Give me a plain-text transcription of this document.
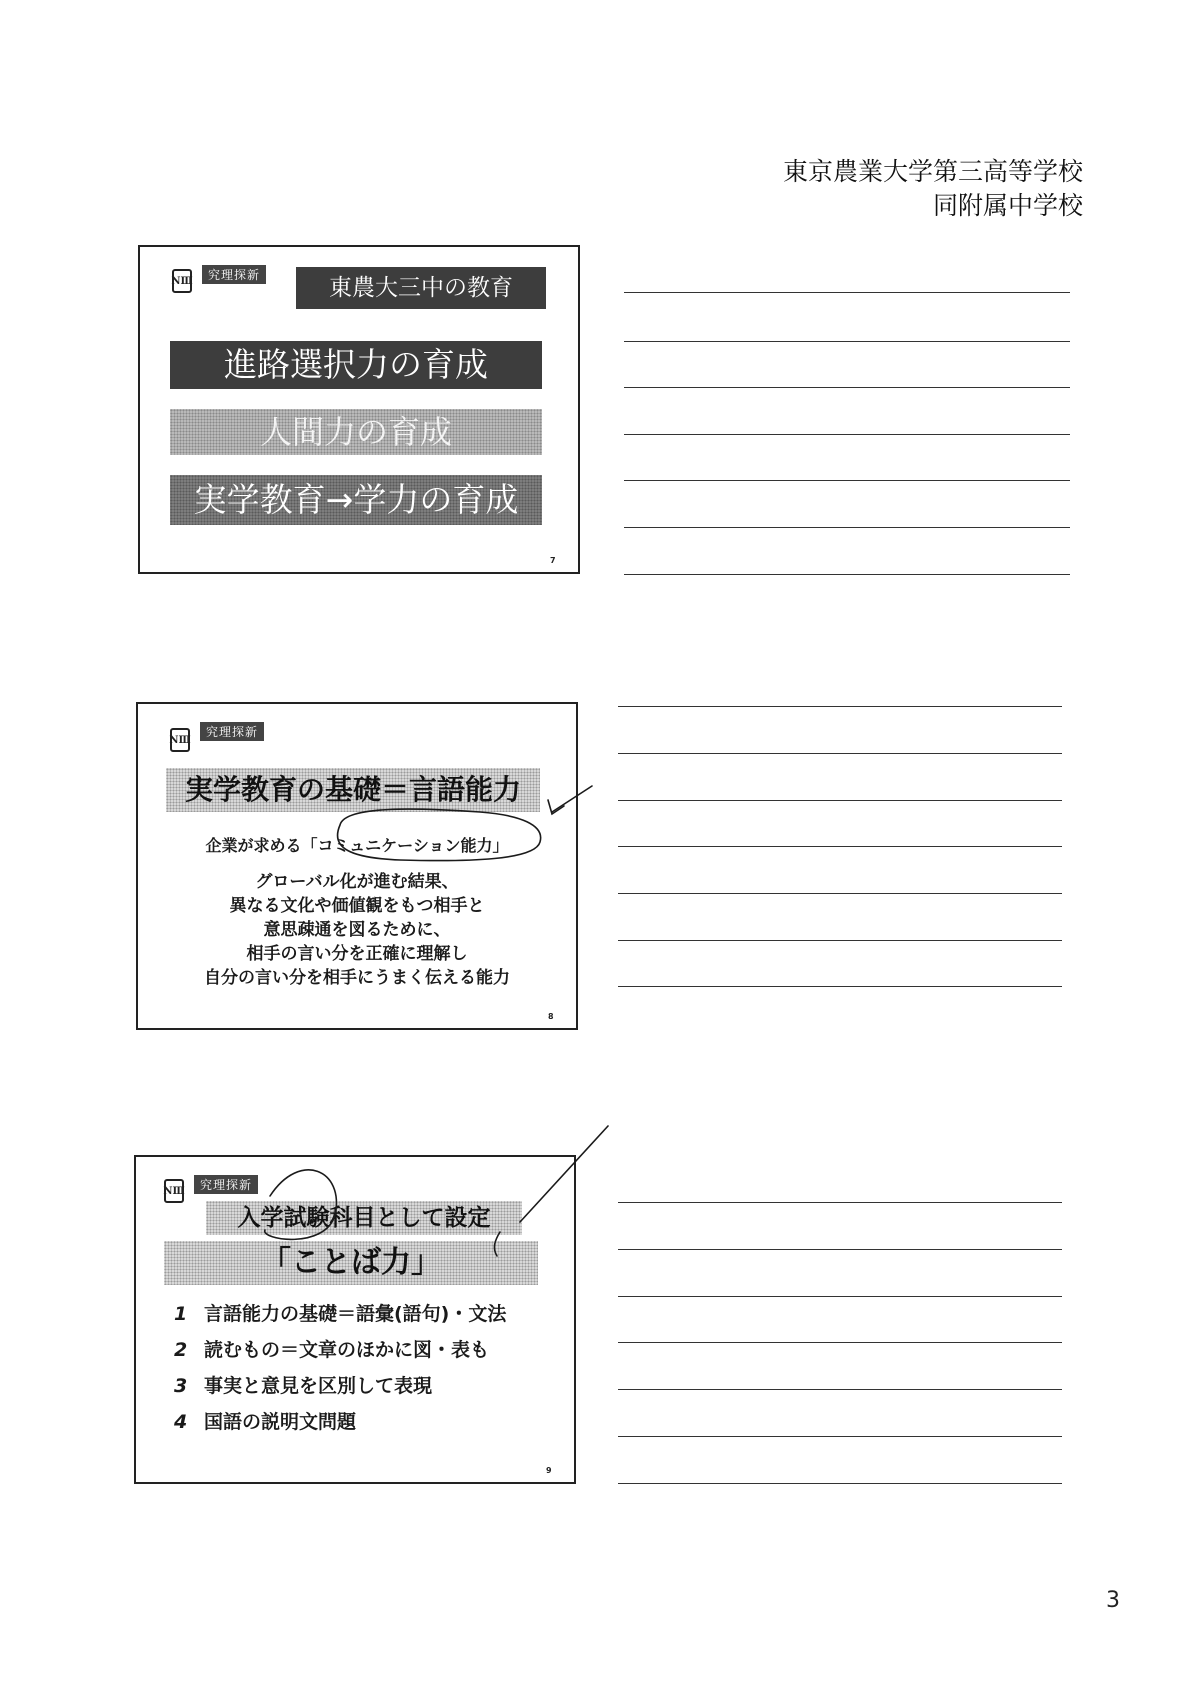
東京農業大学第三高等学校
同附属中学校
NⅢ	究理探新	東農大三中の教育
進路選択力の育成
人間力の育成
実学教育→学力の育成
7
NⅢ
究理探新
実学教育の基礎＝言語能力
企業が求める「コミュニケーション能力」
グローバル化が進む結果、
異なる文化や価値観をもつ相手と
意思疎通を図るために、
相手の言い分を正確に理解し
自分の言い分を相手にうまく伝える能力
8
NⅢ	究理探新
入学試験科目として設定
「ことば力」
1 言語能力の基礎＝語彙(語句)・文法
2 読むもの＝文章のほかに図・表も
3 事実と意見を区別して表現
4 国語の説明文問題
9
3
